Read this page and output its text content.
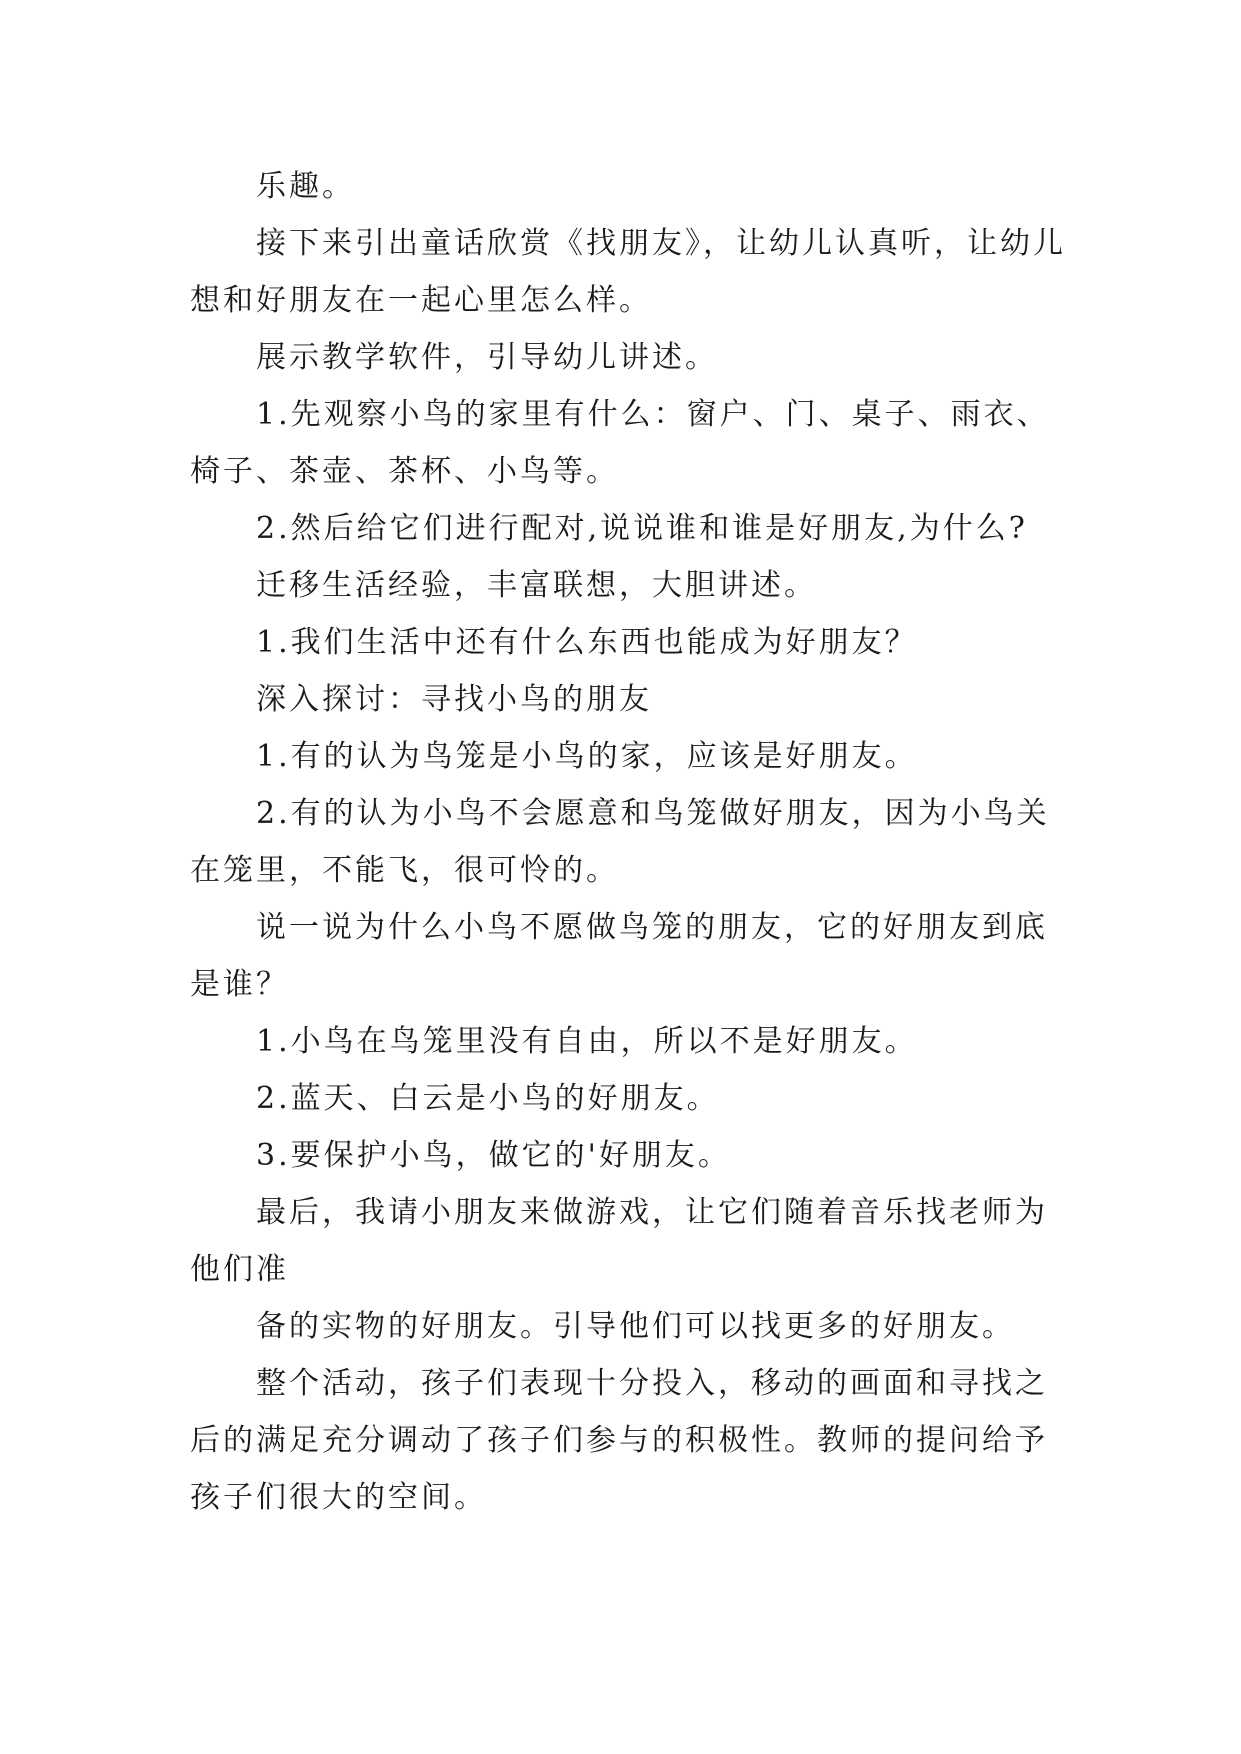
乐趣。

接下来引出童话欣赏《找朋友》，让幼儿认真听，让幼儿想和好朋友在一起心里怎么样。

展示教学软件，引导幼儿讲述。

1.先观察小鸟的家里有什么：窗户、门、桌子、雨衣、椅子、茶壶、茶杯、小鸟等。

2.然后给它们进行配对,说说谁和谁是好朋友,为什么?

迁移生活经验，丰富联想，大胆讲述。

1.我们生活中还有什么东西也能成为好朋友？

深入探讨：寻找小鸟的朋友

1.有的认为鸟笼是小鸟的家，应该是好朋友。

2.有的认为小鸟不会愿意和鸟笼做好朋友，因为小鸟关在笼里，不能飞，很可怜的。

说一说为什么小鸟不愿做鸟笼的朋友，它的好朋友到底是谁？

1.小鸟在鸟笼里没有自由，所以不是好朋友。

2.蓝天、白云是小鸟的好朋友。

3.要保护小鸟，做它的'好朋友。

最后，我请小朋友来做游戏，让它们随着音乐找老师为他们准

备的实物的好朋友。引导他们可以找更多的好朋友。

整个活动，孩子们表现十分投入，移动的画面和寻找之后的满足充分调动了孩子们参与的积极性。教师的提问给予孩子们很大的空间。
